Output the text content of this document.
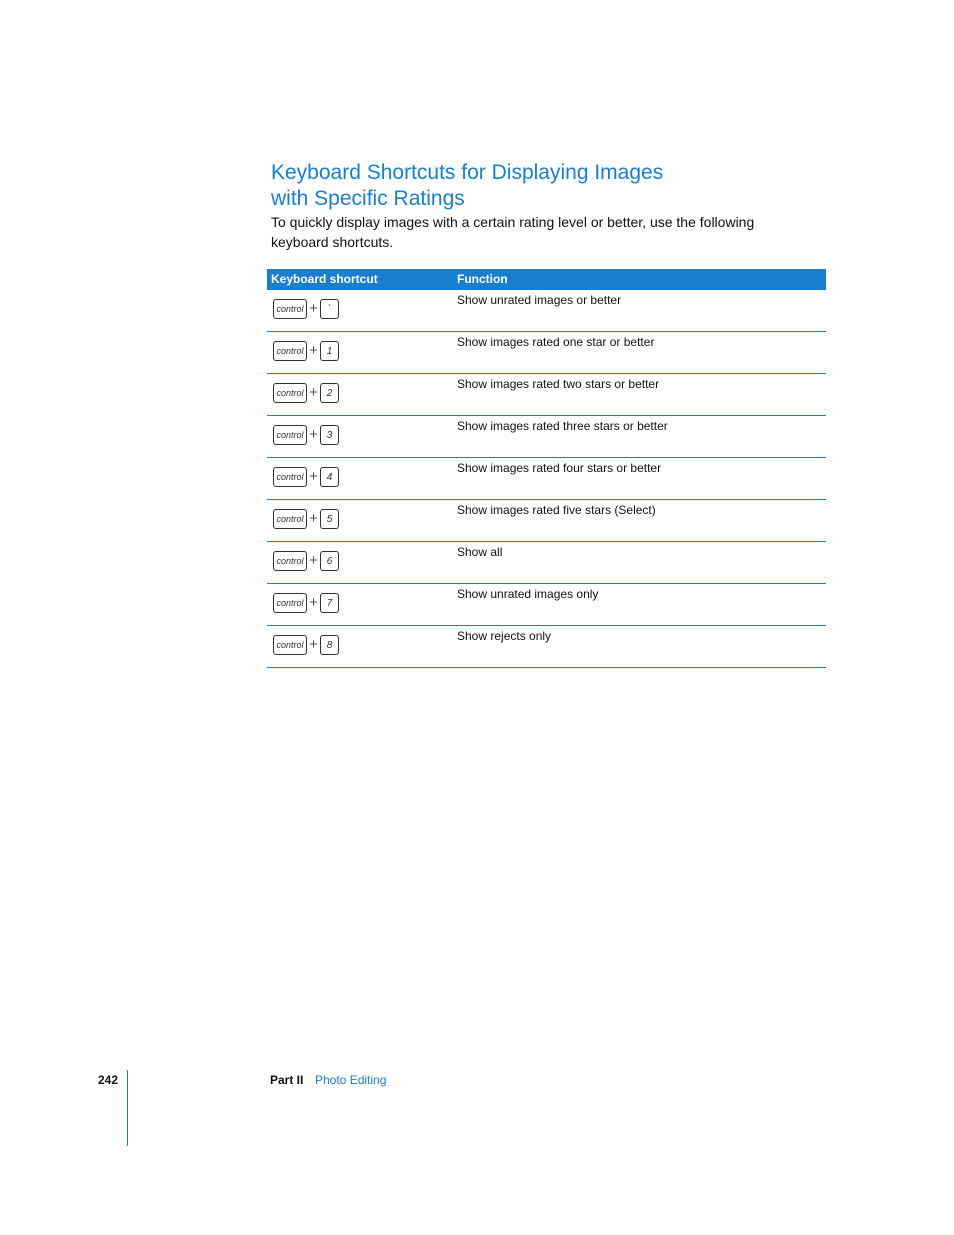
Keyboard Shortcuts for Displaying Images
with Specific Ratings

To quickly display images with a certain rating level or better, use the following keyboard shortcuts.

Keyboard shortcut	Function
control + `
Show unrated images or better
control + 1
Show images rated one star or better
control + 2
Show images rated two stars or better
control + 3
Show images rated three stars or better
control + 4
Show images rated four stars or better
control + 5
Show images rated five stars (Select)
control + 6
Show all
control + 7
Show unrated images only
control + 8
Show rejects only
242	Part II Photo Editing
